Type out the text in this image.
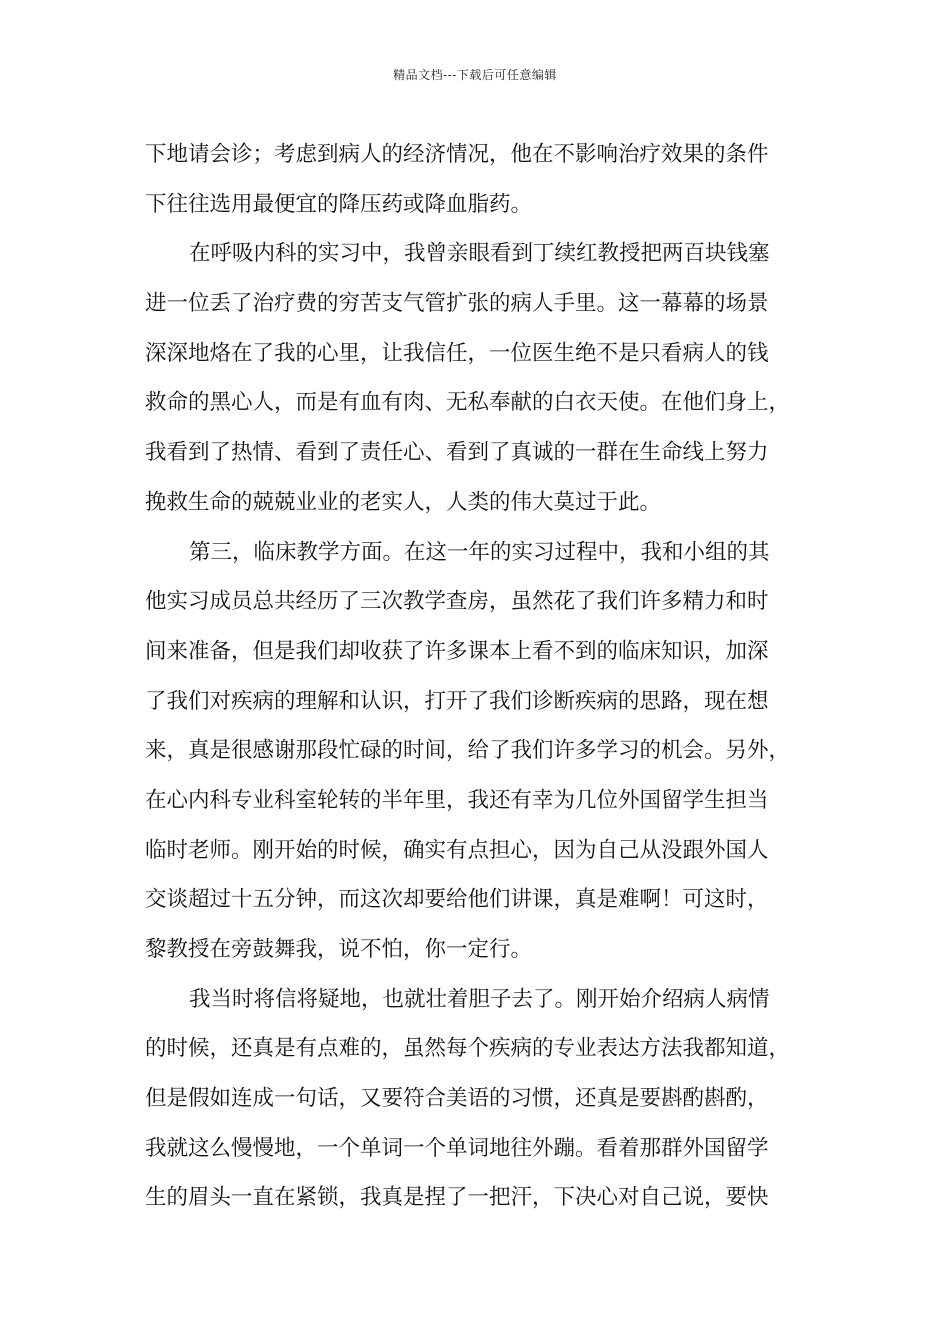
精品文档---下载后可任意编辑
下地请会诊；考虑到病人的经济情况，他在不影响治疗效果的条件
下往往选用最便宜的降压药或降血脂药。
在呼吸内科的实习中，我曾亲眼看到丁续红教授把两百块钱塞
进一位丢了治疗费的穷苦支气管扩张的病人手里。这一幕幕的场景
深深地烙在了我的心里，让我信任，一位医生绝不是只看病人的钱
救命的黑心人，而是有血有肉、无私奉献的白衣天使。在他们身上，
我看到了热情、看到了责任心、看到了真诚的一群在生命线上努力
挽救生命的兢兢业业的老实人，人类的伟大莫过于此。
第三，临床教学方面。在这一年的实习过程中，我和小组的其
他实习成员总共经历了三次教学查房，虽然花了我们许多精力和时
间来准备，但是我们却收获了许多课本上看不到的临床知识，加深
了我们对疾病的理解和认识，打开了我们诊断疾病的思路，现在想
来，真是很感谢那段忙碌的时间，给了我们许多学习的机会。另外，
在心内科专业科室轮转的半年里，我还有幸为几位外国留学生担当
临时老师。刚开始的时候，确实有点担心，因为自己从没跟外国人
交谈超过十五分钟，而这次却要给他们讲课，真是难啊！可这时，
黎教授在旁鼓舞我，说不怕，你一定行。
我当时将信将疑地，也就壮着胆子去了。刚开始介绍病人病情
的时候，还真是有点难的，虽然每个疾病的专业表达方法我都知道，
但是假如连成一句话，又要符合美语的习惯，还真是要斟酌斟酌，
我就这么慢慢地，一个单词一个单词地往外蹦。看着那群外国留学
生的眉头一直在紧锁，我真是捏了一把汗，下决心对自己说，要快
